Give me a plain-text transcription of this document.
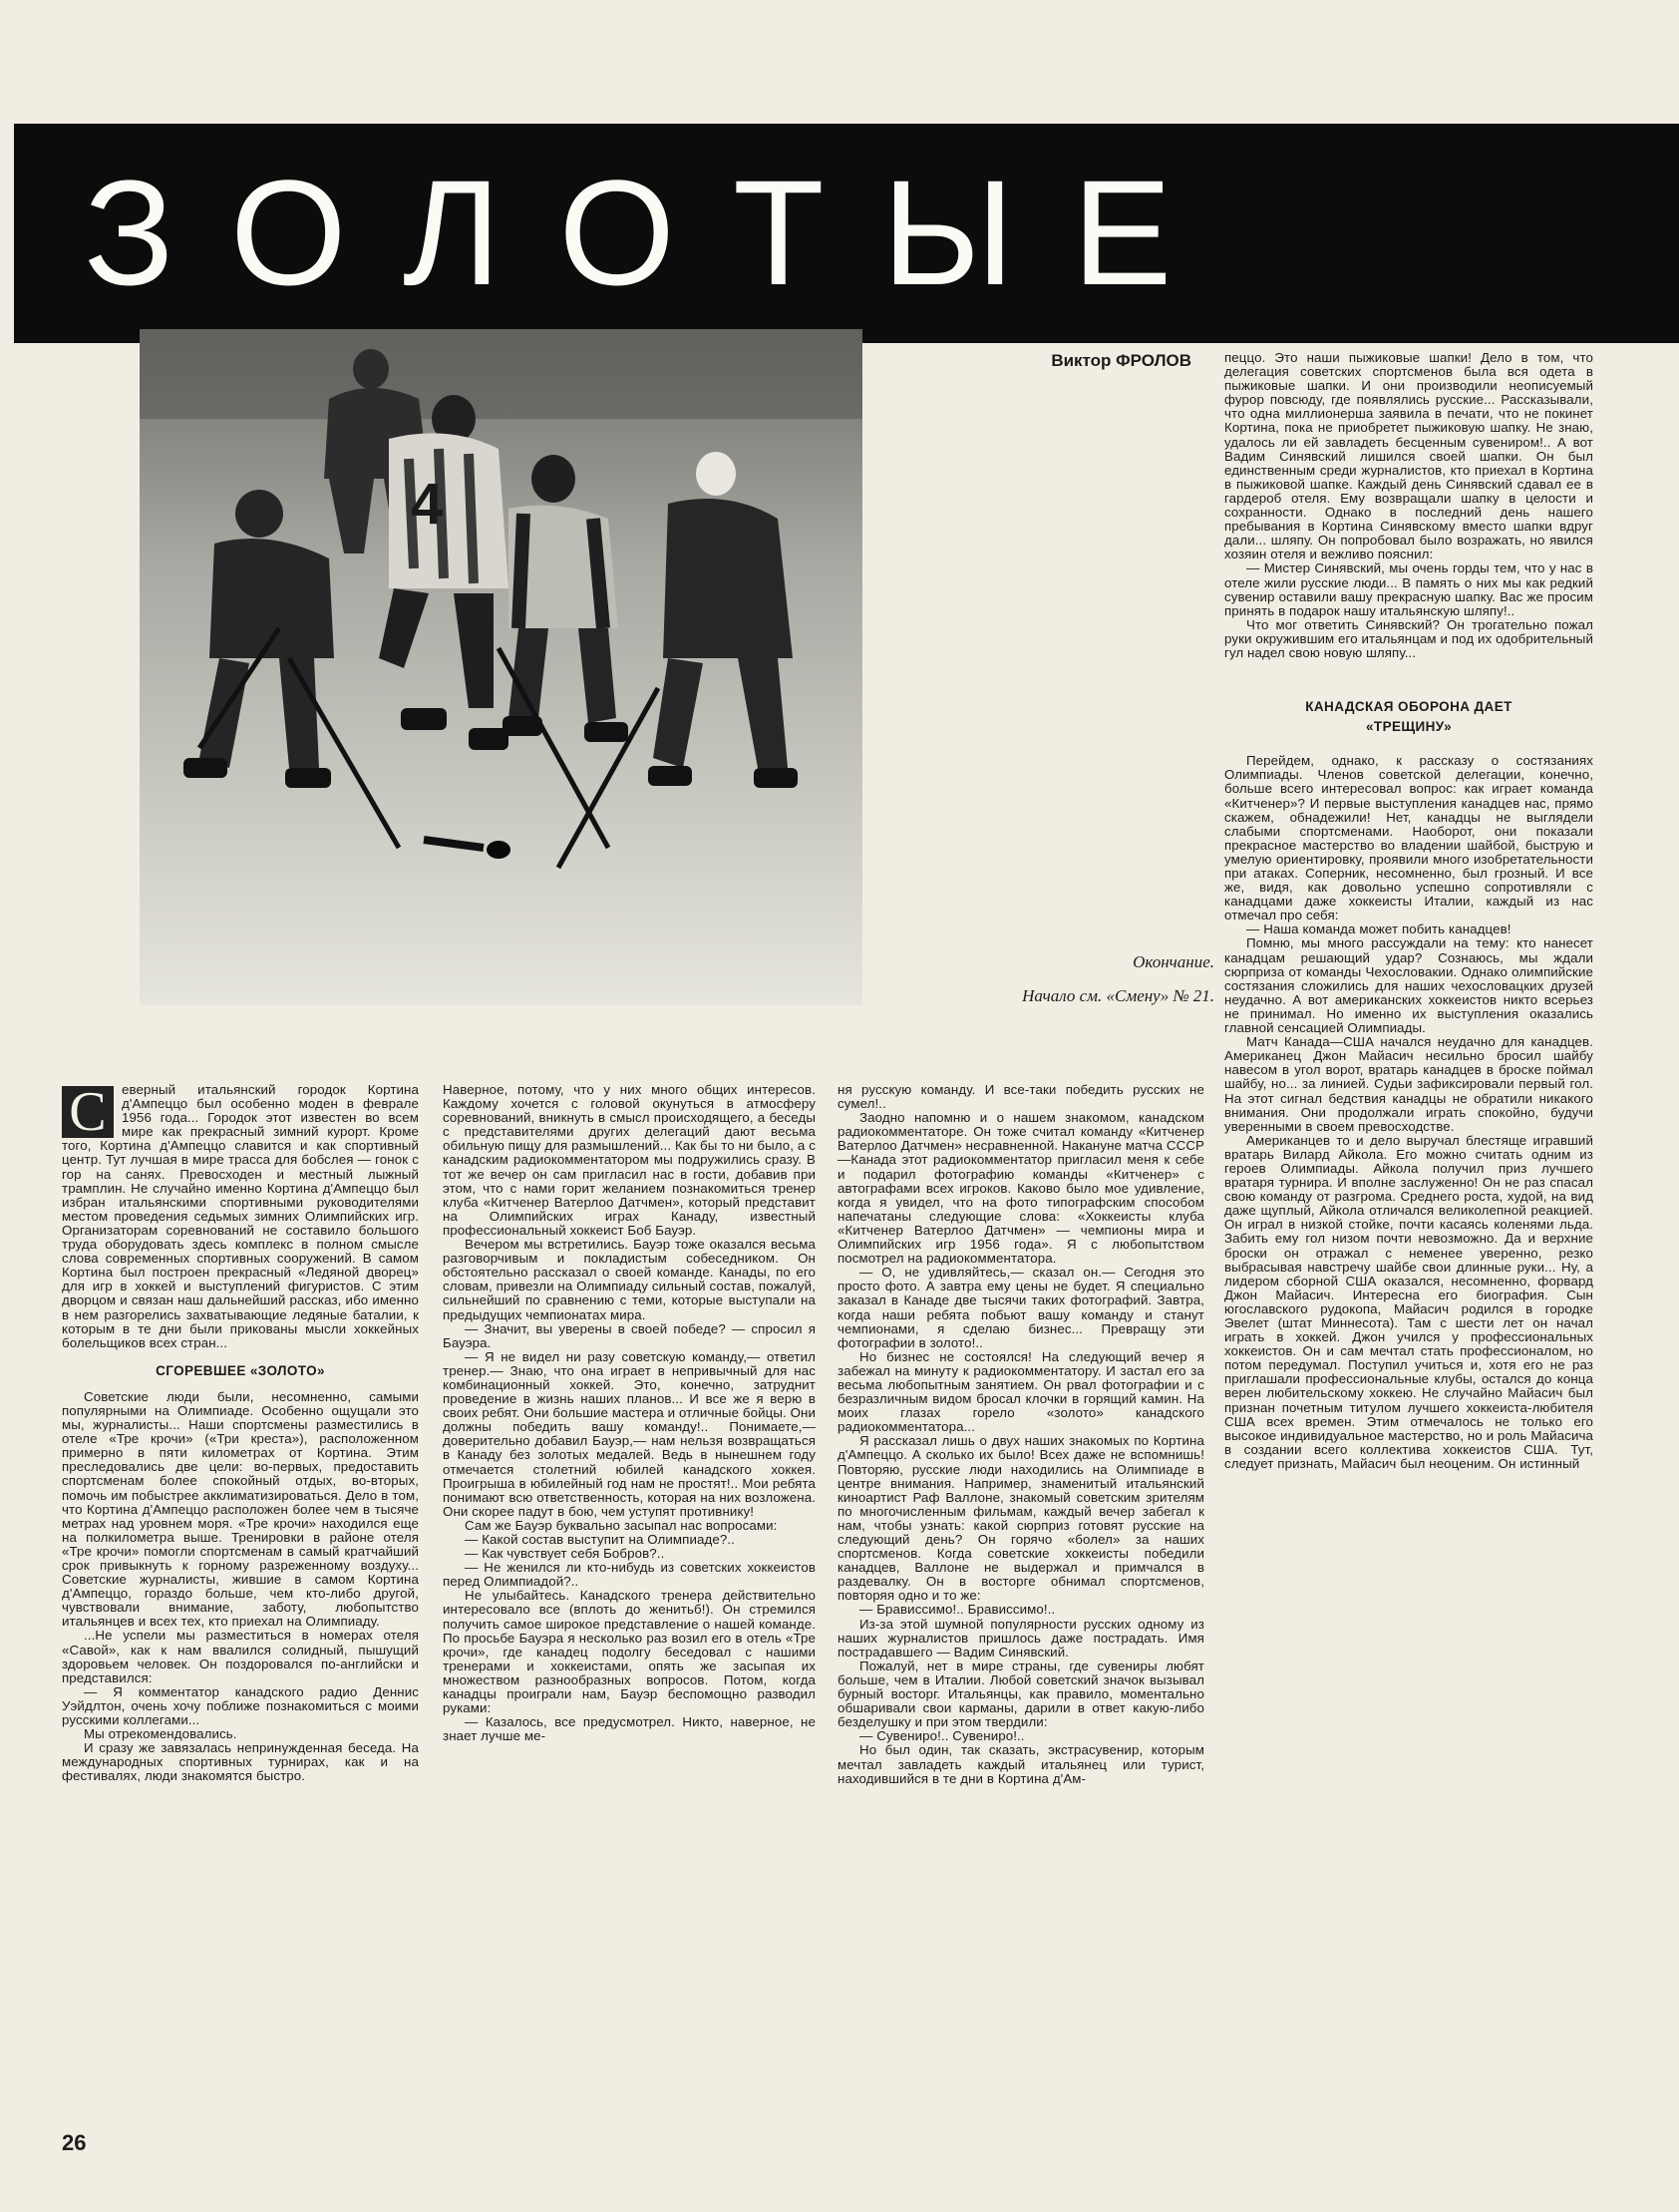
ЗОЛОТЫЕ
4
Виктор ФРОЛОВ
Окончание.
Начало см. «Смену» № 21.

С	еверный итальянский городок Кортина д'Ампеццо был особенно моден в феврале 1956 года... Городок этот известен во всем мире как прекрасный зимний курорт. Кроме того, Кортина д'Ампеццо славится и как спортивный центр. Тут лучшая в мире трасса для бобслея — гонок с гор на санях. Превосходен и местный лыжный трамплин. Не случайно именно Кортина д'Ампеццо был избран итальянскими спортивными руководителями местом проведения седьмых зимних Олимпийских игр. Организаторам соревнований не составило большого труда оборудовать здесь комплекс в полном смысле слова современных спортивных сооружений. В самом Кортина был построен прекрасный «Ледяной дворец» для игр в хоккей и выступлений фигуристов. С этим дворцом и связан наш дальнейший рассказ, ибо именно в нем разгорелись захватывающие ледяные баталии, к которым в те дни были прикованы мысли хоккейных болельщиков всех стран...

СГОРЕВШЕЕ «ЗОЛОТО»

Советские люди были, несомненно, самыми популярными на Олимпиаде. Особенно ощущали это мы, журналисты... Наши спортсмены разместились в отеле «Тре крочи» («Три креста»), расположенном примерно в пяти километрах от Кортина. Этим преследовались две цели: во-первых, предоставить спортсменам более спокойный отдых, во-вторых, помочь им побыстрее акклиматизироваться. Дело в том, что Кортина д'Ампеццо расположен более чем в тысяче метрах над уровнем моря. «Тре крочи» находился еще на полкилометра выше. Тренировки в районе отеля «Тре крочи» помогли спортсменам в самый кратчайший срок привыкнуть к горному разреженному воздуху... Советские журналисты, жившие в самом Кортина д'Ампеццо, гораздо больше, чем кто-либо другой, чувствовали внимание, заботу, любопытство итальянцев и всех тех, кто приехал на Олимпиаду.

...Не успели мы разместиться в номерах отеля «Савой», как к нам ввалился солидный, пышущий здоровьем человек. Он поздоровался по-английски и представился:

— Я комментатор канадского радио Деннис Уэйдлтон, очень хочу поближе познакомиться с моими русскими коллегами...

Мы отрекомендовались.

И сразу же завязалась непринужденная беседа. На международных спортивных турнирах, как и на фестивалях, люди знакомятся быстро.

Наверное, потому, что у них много общих интересов. Каждому хочется с головой окунуться в атмосферу соревнований, вникнуть в смысл происходящего, а беседы с представителями других делегаций дают весьма обильную пищу для размышлений... Как бы то ни было, а с канадским радиокомментатором мы подружились сразу. В тот же вечер он сам пригласил нас в гости, добавив при этом, что с нами горит желанием познакомиться тренер клуба «Китченер Ватерлоо Датчмен», который представит на Олимпийских играх Канаду, известный профессиональный хоккеист Боб Бауэр.

Вечером мы встретились. Бауэр тоже оказался весьма разговорчивым и покладистым собеседником. Он обстоятельно рассказал о своей команде. Канады, по его словам, привезли на Олимпиаду сильный состав, пожалуй, сильнейший по сравнению с теми, которые выступали на предыдущих чемпионатах мира.

— Значит, вы уверены в своей победе? — спросил я Бауэра.

— Я не видел ни разу советскую команду,— ответил тренер.— Знаю, что она играет в непривычный для нас комбинационный хоккей. Это, конечно, затруднит проведение в жизнь наших планов... И все же я верю в своих ребят. Они большие мастера и отличные бойцы. Они должны победить вашу команду!.. Понимаете,— доверительно добавил Бауэр,— нам нельзя возвращаться в Канаду без золотых медалей. Ведь в нынешнем году отмечается столетний юбилей канадского хоккея. Проигрыша в юбилейный год нам не простят!.. Мои ребята понимают всю ответственность, которая на них возложена. Они скорее падут в бою, чем уступят противнику!

Сам же Бауэр буквально засыпал нас вопросами:

— Какой состав выступит на Олимпиаде?..

— Как чувствует себя Бобров?..

— Не женился ли кто-нибудь из советских хоккеистов перед Олимпиадой?..

Не улыбайтесь. Канадского тренера действительно интересовало все (вплоть до женитьб!). Он стремился получить самое широкое представление о нашей команде. По просьбе Бауэра я несколько раз возил его в отель «Тре крочи», где канадец подолгу беседовал с нашими тренерами и хоккеистами, опять же засыпая их множеством разнообразных вопросов. Потом, когда канадцы проиграли нам, Бауэр беспомощно разводил руками:

— Казалось, все предусмотрел. Никто, наверное, не знает лучше ме-

ня русскую команду. И все-таки победить русских не сумел!..

Заодно напомню и о нашем знакомом, канадском радиокомментаторе. Он тоже считал команду «Китченер Ватерлоо Датчмен» несравненной. Накануне матча СССР—Канада этот радиокомментатор пригласил меня к себе и подарил фотографию команды «Китченер» с автографами всех игроков. Каково было мое удивление, когда я увидел, что на фото типографским способом напечатаны следующие слова: «Хоккеисты клуба «Китченер Ватерлоо Датчмен» — чемпионы мира и Олимпийских игр 1956 года». Я с любопытством посмотрел на радиокомментатора.

— О, не удивляйтесь,— сказал он.— Сегодня это просто фото. А завтра ему цены не будет. Я специально заказал в Канаде две тысячи таких фотографий. Завтра, когда наши ребята побьют вашу команду и станут чемпионами, я сделаю бизнес... Превращу эти фотографии в золото!..

Но бизнес не состоялся! На следующий вечер я забежал на минуту к радиокомментатору. И застал его за весьма любопытным занятием. Он рвал фотографии и с безразличным видом бросал клочки в горящий камин. На моих глазах горело «золото» канадского радиокомментатора...

Я рассказал лишь о двух наших знакомых по Кортина д'Ампеццо. А сколько их было! Всех даже не вспомнишь! Повторяю, русские люди находились на Олимпиаде в центре внимания. Например, знаменитый итальянский киноартист Раф Валлоне, знакомый советским зрителям по многочисленным фильмам, каждый вечер забегал к нам, чтобы узнать: какой сюрприз готовят русские на следующий день? Он горячо «болел» за наших спортсменов. Когда советские хоккеисты победили канадцев, Валлоне не выдержал и примчался в раздевалку. Он в восторге обнимал спортсменов, повторяя одно и то же:

— Брависсимо!.. Брависсимо!..

Из-за этой шумной популярности русских одному из наших журналистов пришлось даже пострадать. Имя пострадавшего — Вадим Синявский.

Пожалуй, нет в мире страны, где сувениры любят больше, чем в Италии. Любой советский значок вызывал бурный восторг. Итальянцы, как правило, моментально обшаривали свои карманы, дарили в ответ какую-либо безделушку и при этом твердили:

— Сувениро!.. Сувениро!..

Но был один, так сказать, экстрасувенир, которым мечтал завладеть каждый итальянец или турист, находившийся в те дни в Кортина д'Ам-

пеццо. Это наши пыжиковые шапки! Дело в том, что делегация советских спортсменов была вся одета в пыжиковые шапки. И они производили неописуемый фурор повсюду, где появлялись русские... Рассказывали, что одна миллионерша заявила в печати, что не покинет Кортина, пока не приобретет пыжиковую шапку. Не знаю, удалось ли ей завладеть бесценным сувениром!.. А вот Вадим Синявский лишился своей шапки. Он был единственным среди журналистов, кто приехал в Кортина в пыжиковой шапке. Каждый день Синявский сдавал ее в гардероб отеля. Ему возвращали шапку в целости и сохранности. Однако в последний день нашего пребывания в Кортина Синявскому вместо шапки вдруг дали... шляпу. Он попробовал было возражать, но явился хозяин отеля и вежливо пояснил:

— Мистер Синявский, мы очень горды тем, что у нас в отеле жили русские люди... В память о них мы как редкий сувенир оставили вашу прекрасную шапку. Вас же просим принять в подарок нашу итальянскую шляпу!..

Что мог ответить Синявский? Он трогательно пожал руки окружившим его итальянцам и под их одобрительный гул надел свою новую шляпу...

КАНАДСКАЯ ОБОРОНА ДАЕТ
«ТРЕЩИНУ»

Перейдем, однако, к рассказу о состязаниях Олимпиады. Членов советской делегации, конечно, больше всего интересовал вопрос: как играет команда «Китченер»? И первые выступления канадцев нас, прямо скажем, обнадежили! Нет, канадцы не выглядели слабыми спортсменами. Наоборот, они показали прекрасное мастерство во владении шайбой, быструю и умелую ориентировку, проявили много изобретательности при атаках. Соперник, несомненно, был грозный. И все же, видя, как довольно успешно сопротивляли с канадцами даже хоккеисты Италии, каждый из нас отмечал про себя:

— Наша команда может побить канадцев!

Помню, мы много рассуждали на тему: кто нанесет канадцам решающий удар? Сознаюсь, мы ждали сюрприза от команды Чехословакии. Однако олимпийские состязания сложились для наших чехословацких друзей неудачно. А вот американских хоккеистов никто всерьез не принимал. Но именно их выступления оказались главной сенсацией Олимпиады.

Матч Канада—США начался неудачно для канадцев. Американец Джон Майасич несильно бросил шайбу навесом в угол ворот, вратарь канадцев в броске поймал шайбу, но... за линией. Судьи зафиксировали первый гол. На этот сигнал бедствия канадцы не обратили никакого внимания. Они продолжали играть спокойно, будучи уверенными в своем превосходстве.

Американцев то и дело выручал блестяще игравший вратарь Вилард Айкола. Его можно считать одним из героев Олимпиады. Айкола получил приз лучшего вратаря турнира. И вполне заслуженно! Он не раз спасал свою команду от разгрома. Среднего роста, худой, на вид даже щуплый, Айкола отличался великолепной реакцией. Он играл в низкой стойке, почти касаясь коленями льда. Забить ему гол низом почти невозможно. Да и верхние броски он отражал с неменее уверенно, резко выбрасывая навстречу шайбе свои длинные руки... Ну, а лидером сборной США оказался, несомненно, форвард Джон Майасич. Интересна его биография. Сын югославского рудокопа, Майасич родился в городке Эвелет (штат Миннесота). Там с шести лет он начал играть в хоккей. Джон учился у профессиональных хоккеистов. Он и сам мечтал стать профессионалом, но потом передумал. Поступил учиться и, хотя его не раз приглашали профессиональные клубы, остался до конца верен любительскому хоккею. Не случайно Майасич был признан почетным титулом лучшего хоккеиста-любителя США всех времен. Этим отмечалось не только его высокое индивидуальное мастерство, но и роль Майасича в создании всего коллектива хоккеистов США. Тут, следует признать, Майасич был неоценим. Он истинный

26
